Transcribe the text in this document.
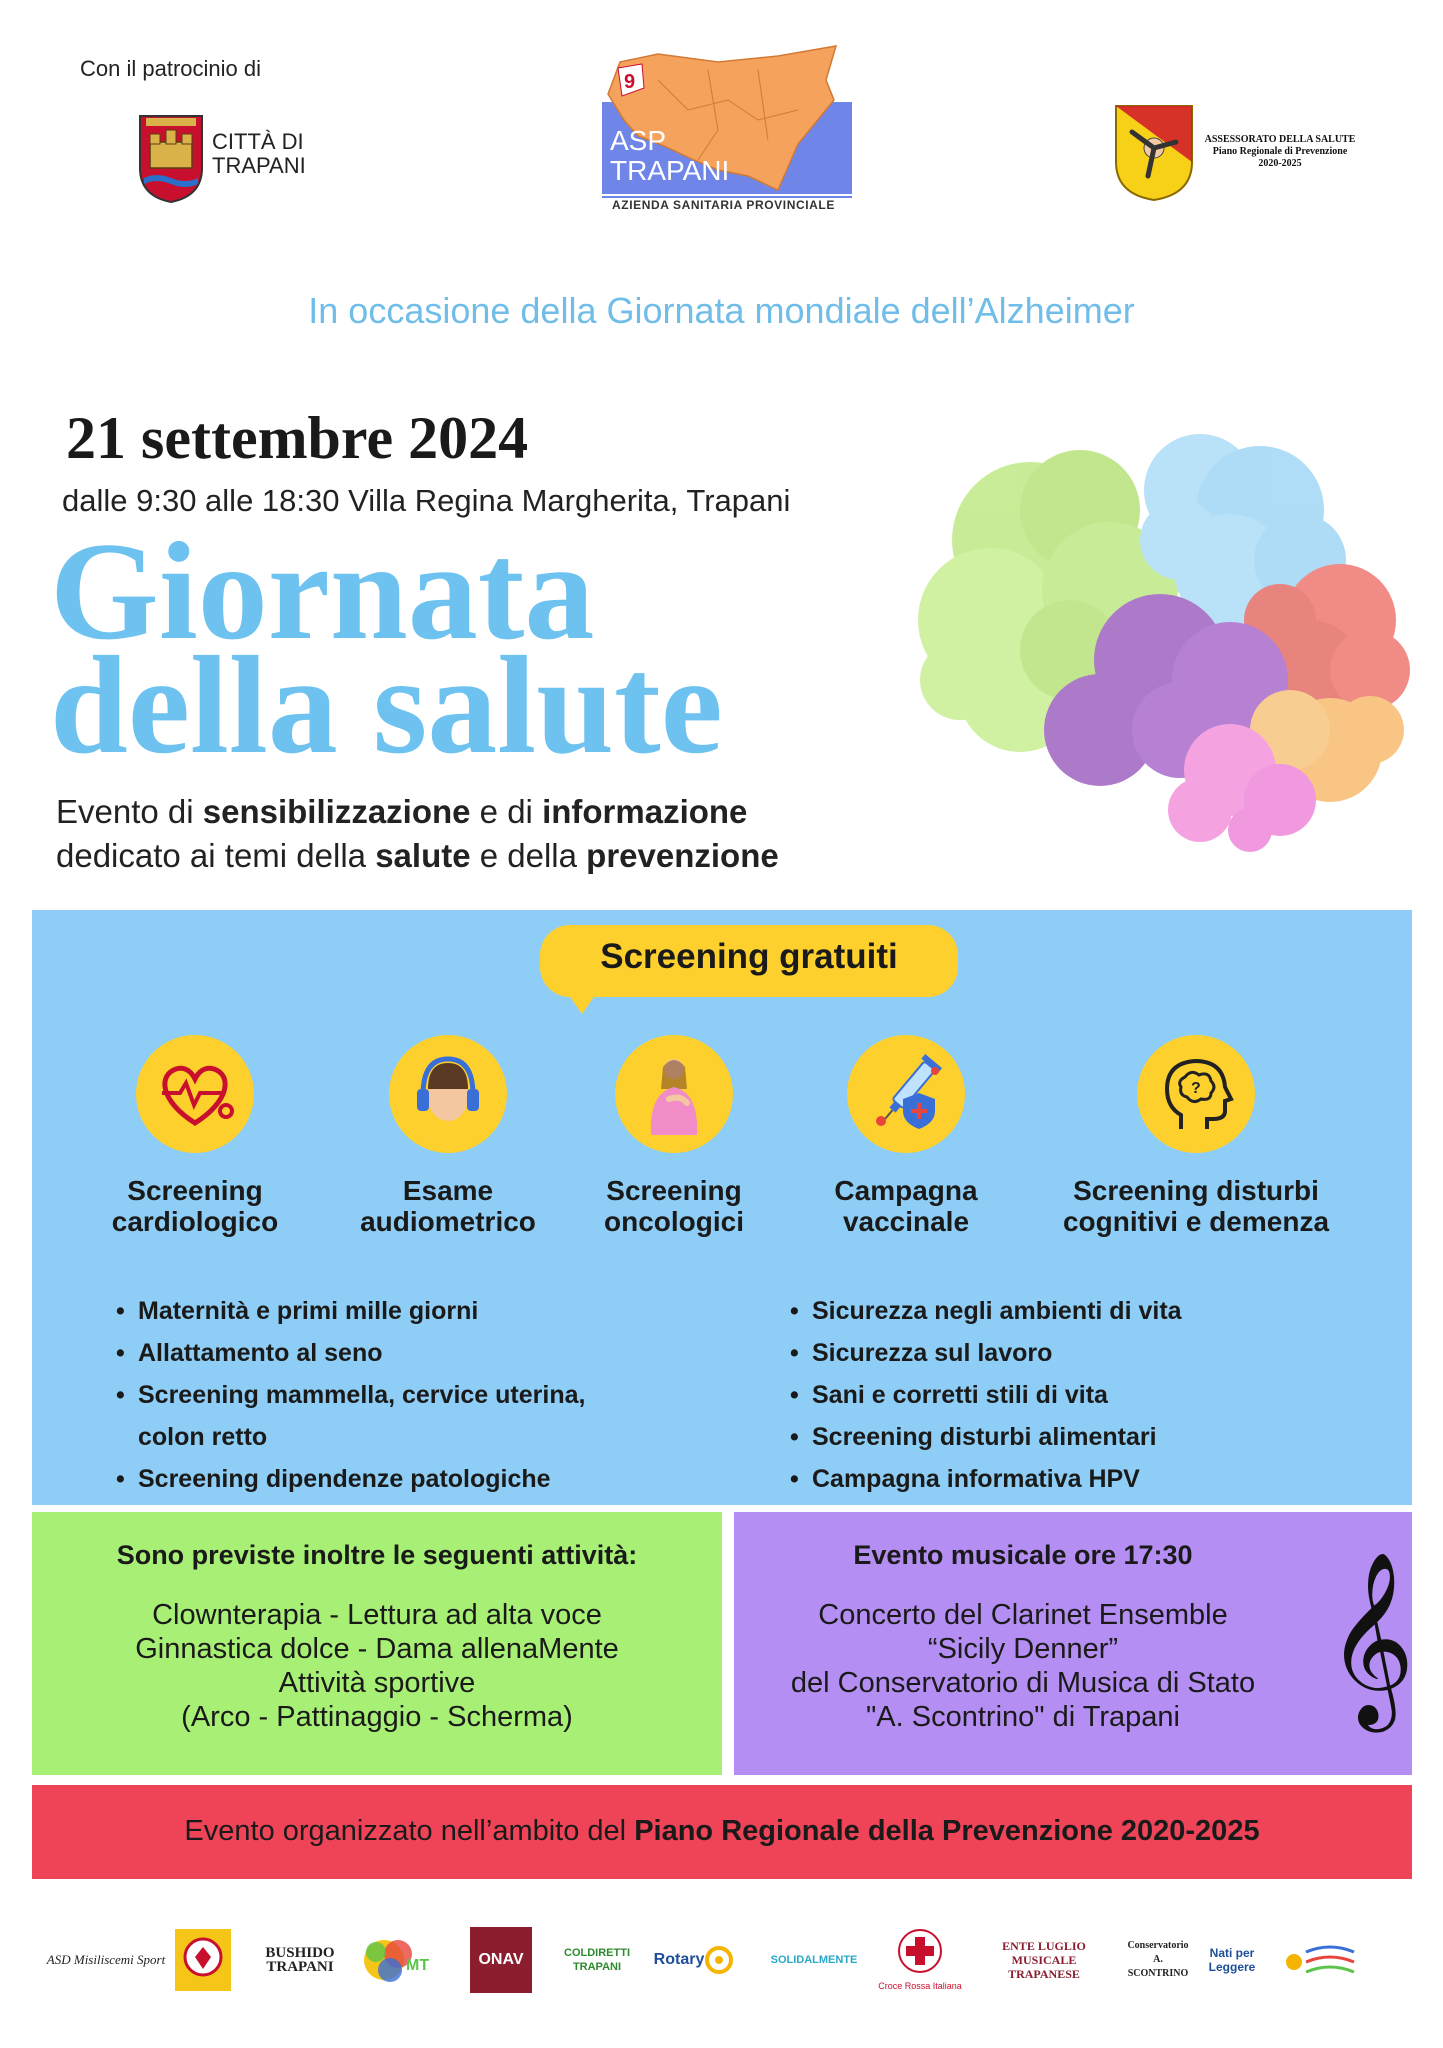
Con il patrocinio di
CITTÀ DI
TRAPANI
9
ASP
TRAPANI
AZIENDA SANITARIA PROVINCIALE
ASSESSORATO DELLA SALUTE
Piano Regionale di Prevenzione
2020-2025
In occasione della Giornata mondiale dell’Alzheimer
21 settembre 2024
dalle 9:30 alle 18:30 Villa Regina Margherita, Trapani
Giornata
della salute
Evento di sensibilizzazione e di informazione
dedicato ai temi della salute e della prevenzione
Screening gratuiti
Screening
cardiologico
Esame
audiometrico
Screening
oncologici
Campagna
vaccinale
?
Screening disturbi
cognitivi e demenza
• Maternità e primi mille giorni
• Allattamento al seno
• Screening mammella, cervice uterina,
colon retto
• Screening dipendenze patologiche
• Sicurezza negli ambienti di vita
• Sicurezza sul lavoro
• Sani e corretti stili di vita
• Screening disturbi alimentari
• Campagna informativa HPV
Sono previste inoltre le seguenti attività:
Clownterapia - Lettura ad alta voce
Ginnastica dolce - Dama allenaMente
Attività sportive
(Arco - Pattinaggio - Scherma)
Evento musicale ore 17:30
Concerto del Clarinet Ensemble
“Sicily Denner”
del Conservatorio di Musica di Stato
"A. Scontrino" di Trapani 𝄞
Evento organizzato nell’ambito del Piano Regionale della Prevenzione 2020-2025
ASD Misiliscemi Sport	BUSHIDO TRAPANI	MT	ONAV	COLDIRETTI TRAPANI	Rotary	SOLIDALMENTE
Croce Rossa Italiana
ENTE LUGLIO MUSICALE TRAPANESE
Conservatorio A. SCONTRINO
Nati per Leggere
